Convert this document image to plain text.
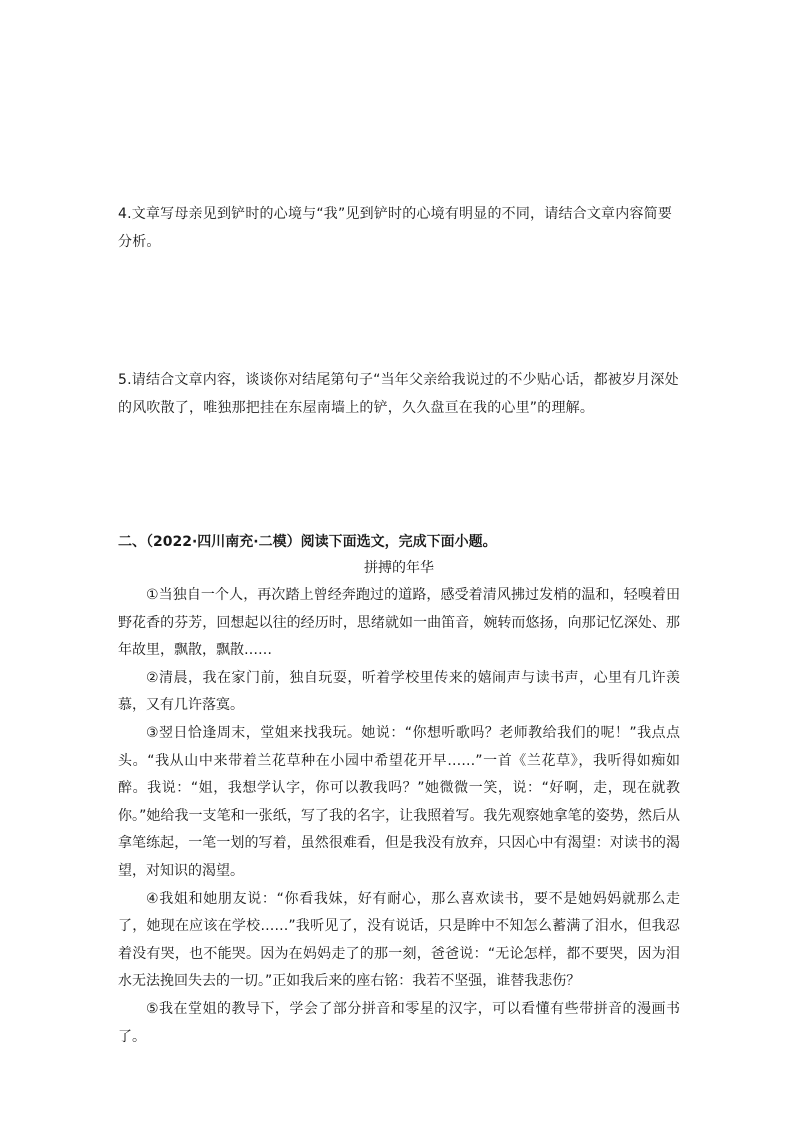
4.文章写母亲见到铲时的心境与“我”见到铲时的心境有明显的不同，请结合文章内容简要分析。

5.请结合文章内容，谈谈你对结尾第句子“当年父亲给我说过的不少贴心话，都被岁月深处的风吹散了，唯独那把挂在东屋南墙上的铲，久久盘亘在我的心里”的理解。

二、（2022·四川南充·二模）阅读下面选文，完成下面小题。
拼搏的年华

①当独自一个人，再次踏上曾经奔跑过的道路，感受着清风拂过发梢的温和，轻嗅着田野花香的芬芳，回想起以往的经历时，思绪就如一曲笛音，婉转而悠扬，向那记忆深处、那年故里，飘散，飘散……

②清晨，我在家门前，独自玩耍，听着学校里传来的嬉闹声与读书声，心里有几许羡慕，又有几许落寞。

③翌日恰逢周末，堂姐来找我玩。她说：“你想听歌吗？老师教给我们的呢！”我点点头。“我从山中来带着兰花草种在小园中希望花开早……”一首《兰花草》，我听得如痴如醉。我说：“姐，我想学认字，你可以教我吗？”她微微一笑，说：“好啊，走，现在就教你。”她给我一支笔和一张纸，写了我的名字，让我照着写。我先观察她拿笔的姿势，然后从拿笔练起，一笔一划的写着，虽然很难看，但是我没有放弃，只因心中有渴望：对读书的渴望，对知识的渴望。

④我姐和她朋友说：“你看我妹，好有耐心，那么喜欢读书，要不是她妈妈就那么走了，她现在应该在学校……”我听见了，没有说话，只是眸中不知怎么蓄满了泪水，但我忍着没有哭，也不能哭。因为在妈妈走了的那一刻，爸爸说：“无论怎样，都不要哭，因为泪水无法挽回失去的一切。”正如我后来的座右铭：我若不坚强，谁替我悲伤？

⑤我在堂姐的教导下，学会了部分拼音和零星的汉字，可以看懂有些带拼音的漫画书了。
